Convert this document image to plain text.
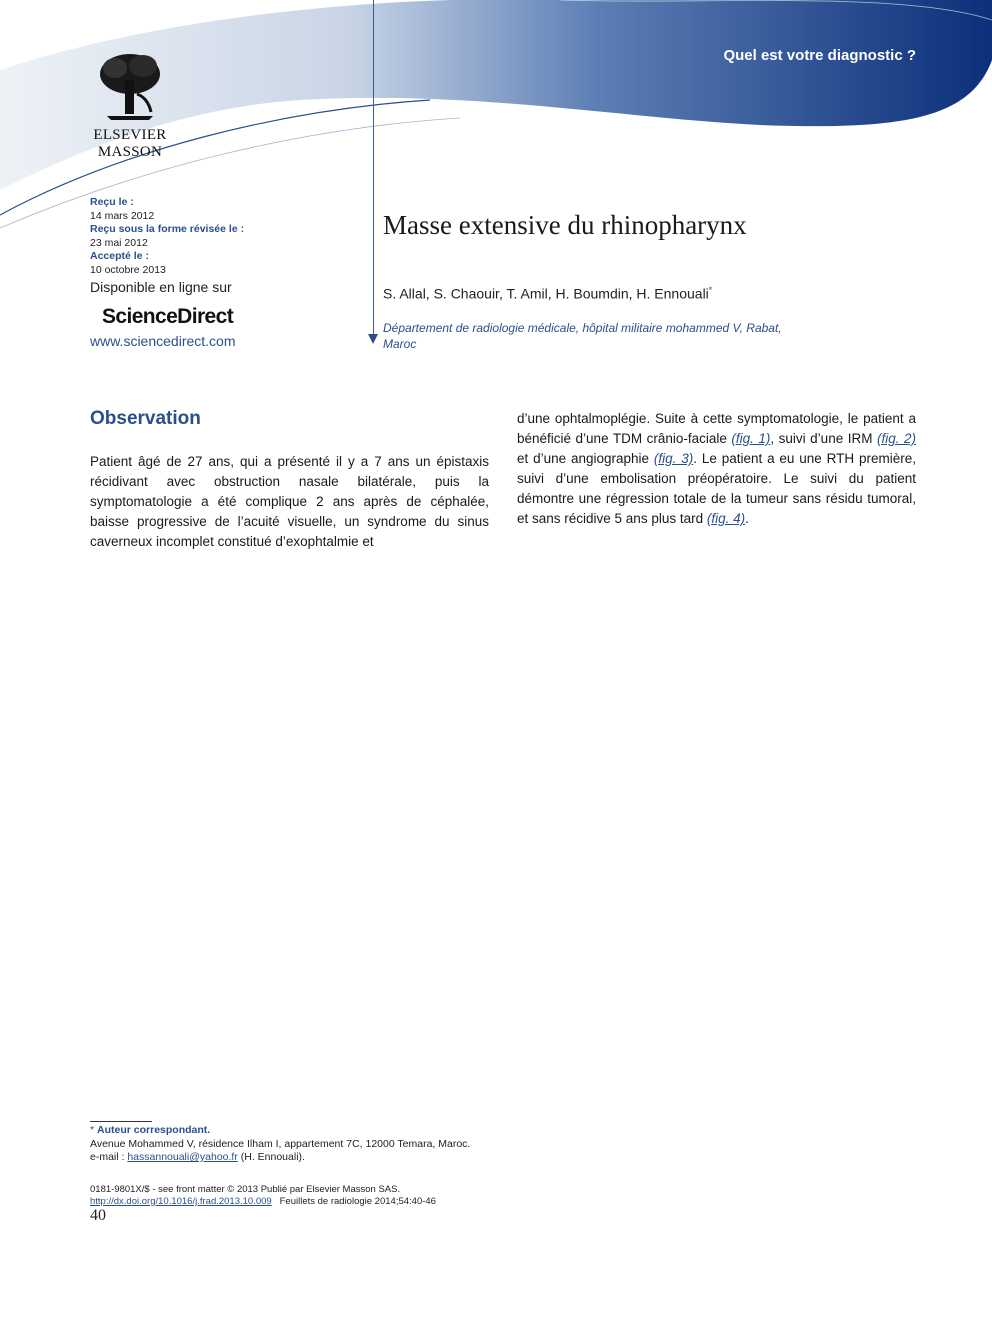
ELSEVIER
MASSON
Quel est votre diagnostic ?
Reçu le :
14 mars 2012
Reçu sous la forme révisée le :
23 mai 2012
Accepté le :
10 octobre 2013
Disponible en ligne sur
ScienceDirect
www.sciencedirect.com
Masse extensive du rhinopharynx
S. Allal, S. Chaouir, T. Amil, H. Boumdin, H. Ennouali*
Département de radiologie médicale, hôpital militaire mohammed V, Rabat, Maroc
Observation
Patient âgé de 27 ans, qui a présenté il y a 7 ans un épistaxis récidivant avec obstruction nasale bilatérale, puis la symptomatologie a été complique 2 ans après de céphalée, baisse progressive de l’acuité visuelle, un syndrome du sinus caverneux incomplet constitué d’exophtalmie et
d’une ophtalmoplégie. Suite à cette symptomatologie, le patient a bénéficié d’une TDM crânio-faciale (fig. 1), suivi d’une IRM (fig. 2) et d’une angiographie (fig. 3). Le patient a eu une RTH première, suivi d’une embolisation préopératoire. Le suivi du patient démontre une régression totale de la tumeur sans résidu tumoral, et sans récidive 5 ans plus tard (fig. 4).
* Auteur correspondant.
Avenue Mohammed V, résidence Ilham I, appartement 7C, 12000 Temara, Maroc.
e-mail : hassannouali@yahoo.fr (H. Ennouali).
0181-9801X/$ - see front matter © 2013 Publié par Elsevier Masson SAS.
http://dx.doi.org/10.1016/j.frad.2013.10.009 Feuillets de radiologie 2014;54:40-46
40
